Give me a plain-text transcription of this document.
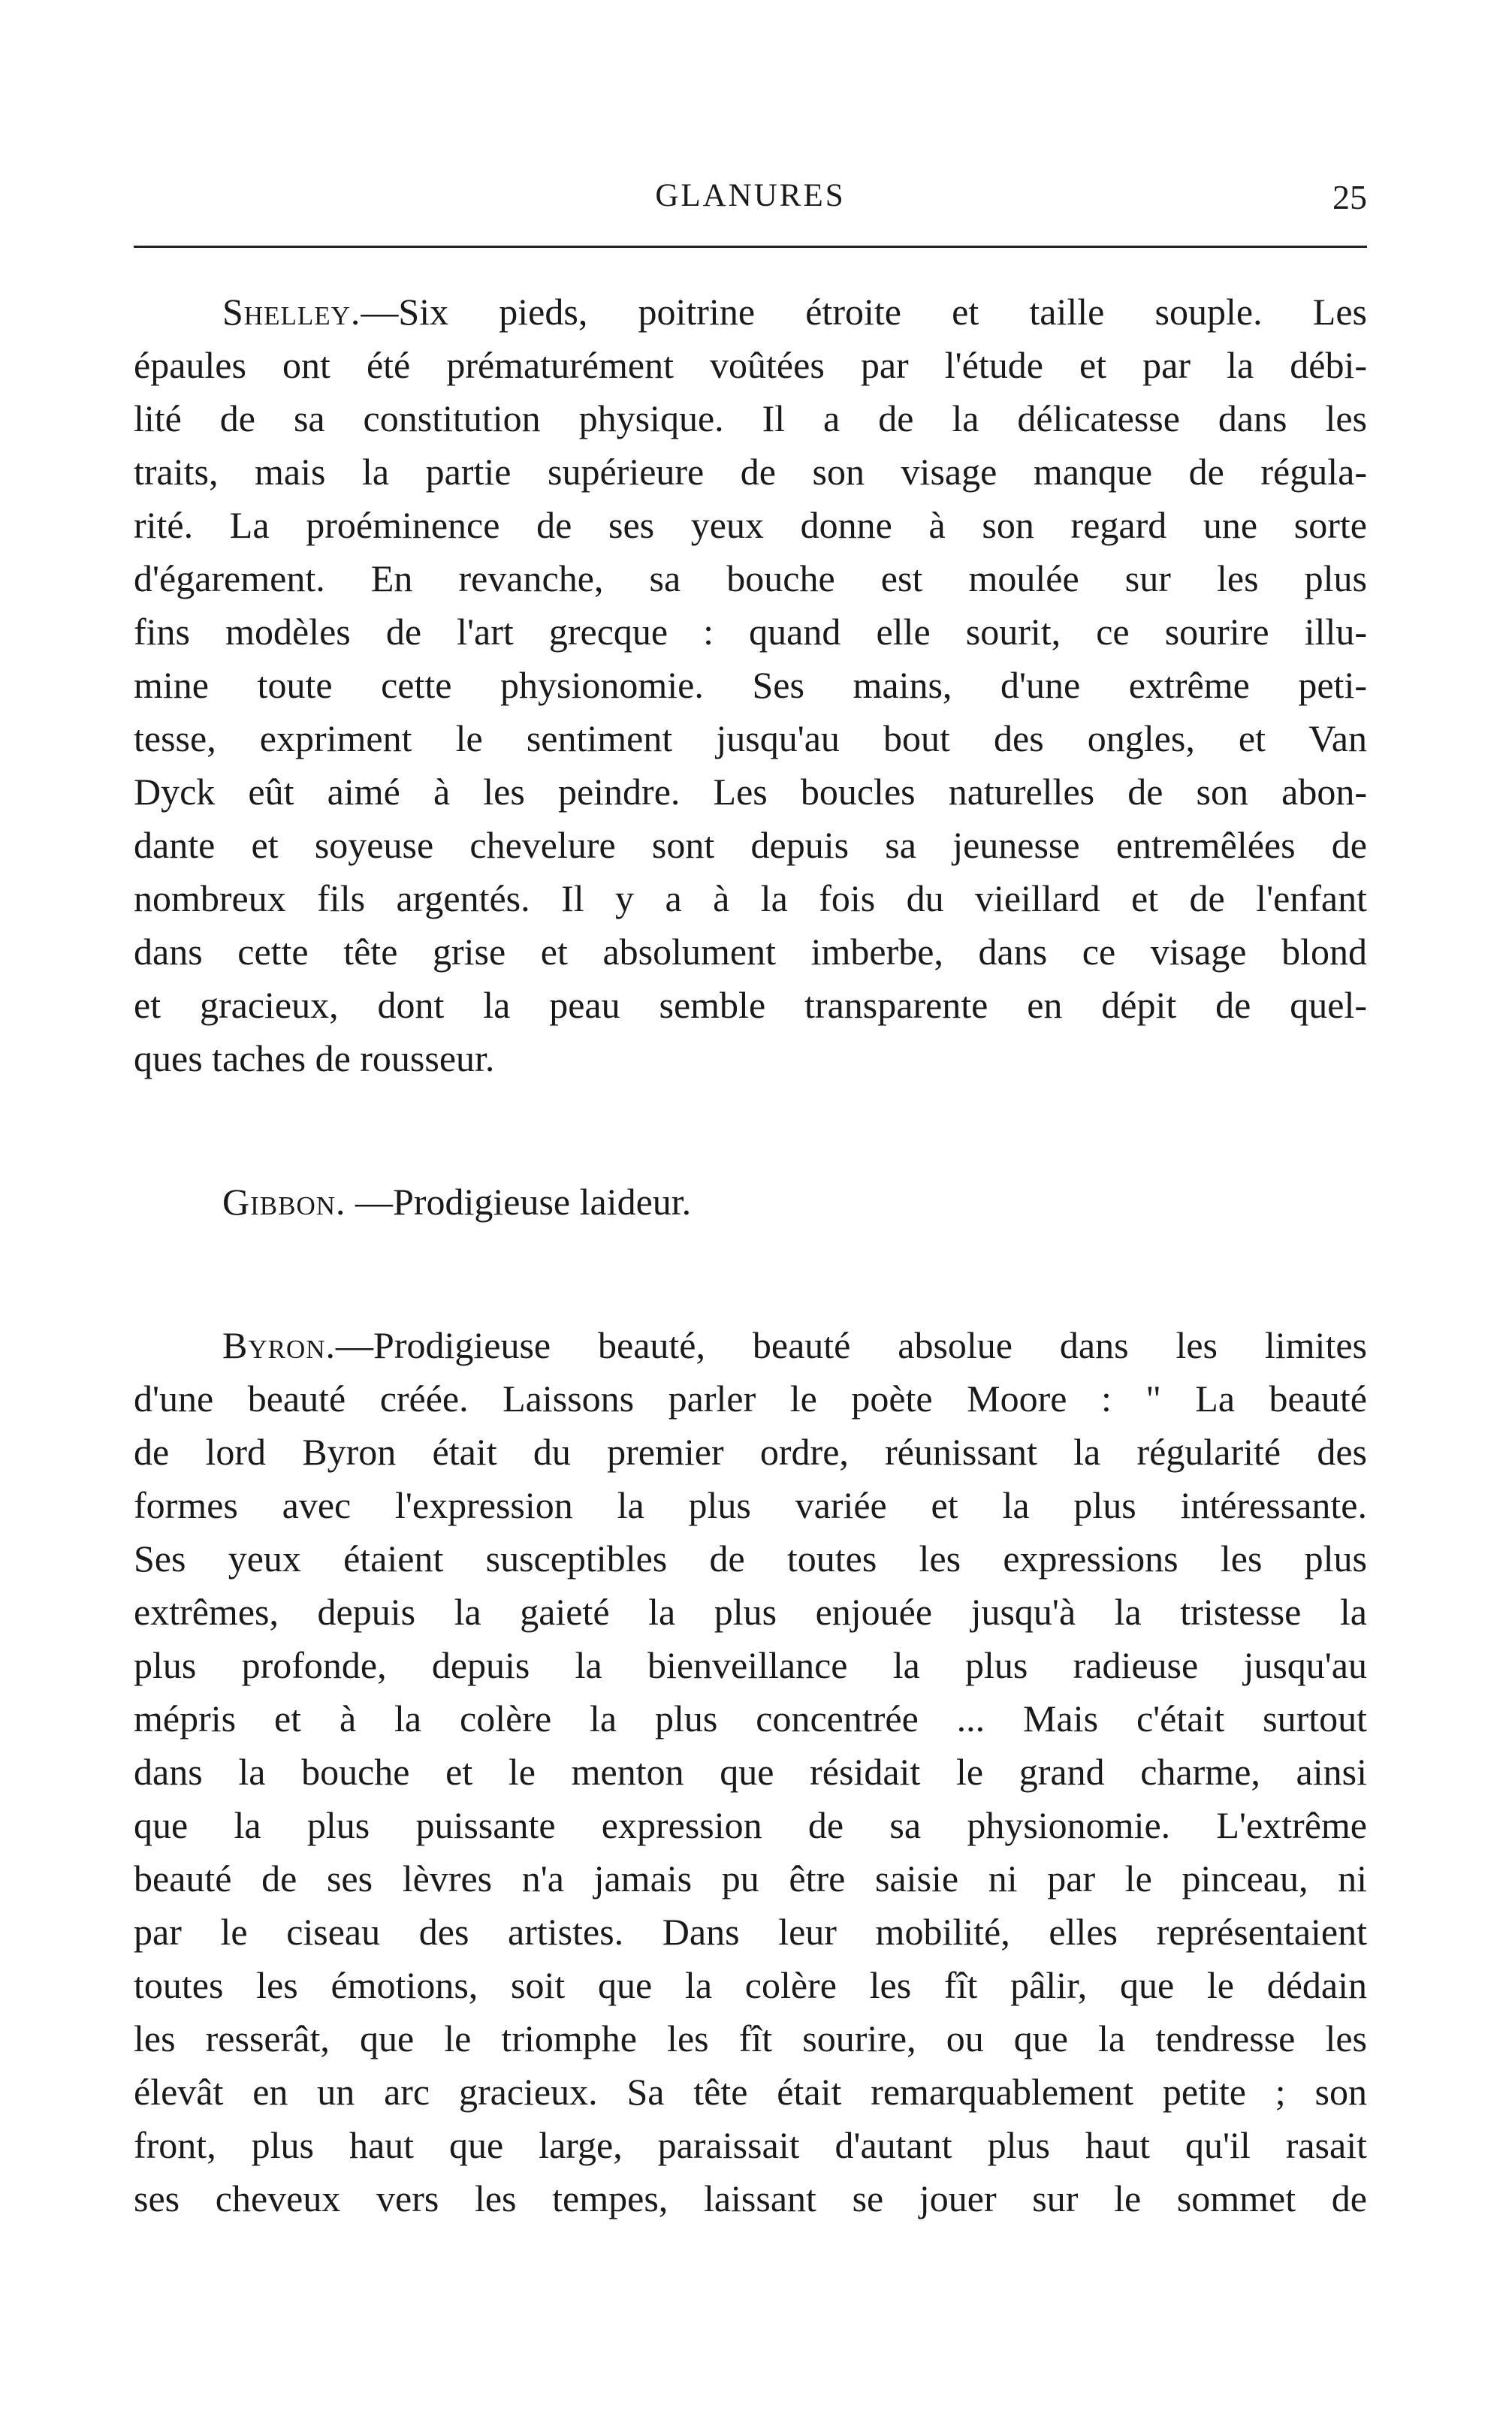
GLANURES	25

Shelley.—Six pieds, poitrine étroite et taille souple. Les
épaules ont été prématurément voûtées par l'étude et par la débi-
lité de sa constitution physique. Il a de la délicatesse dans les
traits, mais la partie supérieure de son visage manque de régula-
rité. La proéminence de ses yeux donne à son regard une sorte
d'égarement. En revanche, sa bouche est moulée sur les plus
fins modèles de l'art grecque : quand elle sourit, ce sourire illu-
mine toute cette physionomie. Ses mains, d'une extrême peti-
tesse, expriment le sentiment jusqu'au bout des ongles, et Van
Dyck eût aimé à les peindre. Les boucles naturelles de son abon-
dante et soyeuse chevelure sont depuis sa jeunesse entremêlées de
nombreux fils argentés. Il y a à la fois du vieillard et de l'enfant
dans cette tête grise et absolument imberbe, dans ce visage blond
et gracieux, dont la peau semble transparente en dépit de quel-
ques taches de rousseur.

Gibbon. —Prodigieuse laideur.

Byron.—Prodigieuse beauté, beauté absolue dans les limites
d'une beauté créée. Laissons parler le poète Moore : " La beauté
de lord Byron était du premier ordre, réunissant la régularité des
formes avec l'expression la plus variée et la plus intéressante.
Ses yeux étaient susceptibles de toutes les expressions les plus
extrêmes, depuis la gaieté la plus enjouée jusqu'à la tristesse la
plus profonde, depuis la bienveillance la plus radieuse jusqu'au
mépris et à la colère la plus concentrée ... Mais c'était surtout
dans la bouche et le menton que résidait le grand charme, ainsi
que la plus puissante expression de sa physionomie. L'extrême
beauté de ses lèvres n'a jamais pu être saisie ni par le pinceau, ni
par le ciseau des artistes. Dans leur mobilité, elles représentaient
toutes les émotions, soit que la colère les fît pâlir, que le dédain
les resserât, que le triomphe les fît sourire, ou que la tendresse les
élevât en un arc gracieux. Sa tête était remarquablement petite ; son
front, plus haut que large, paraissait d'autant plus haut qu'il rasait
ses cheveux vers les tempes, laissant se jouer sur le sommet de
